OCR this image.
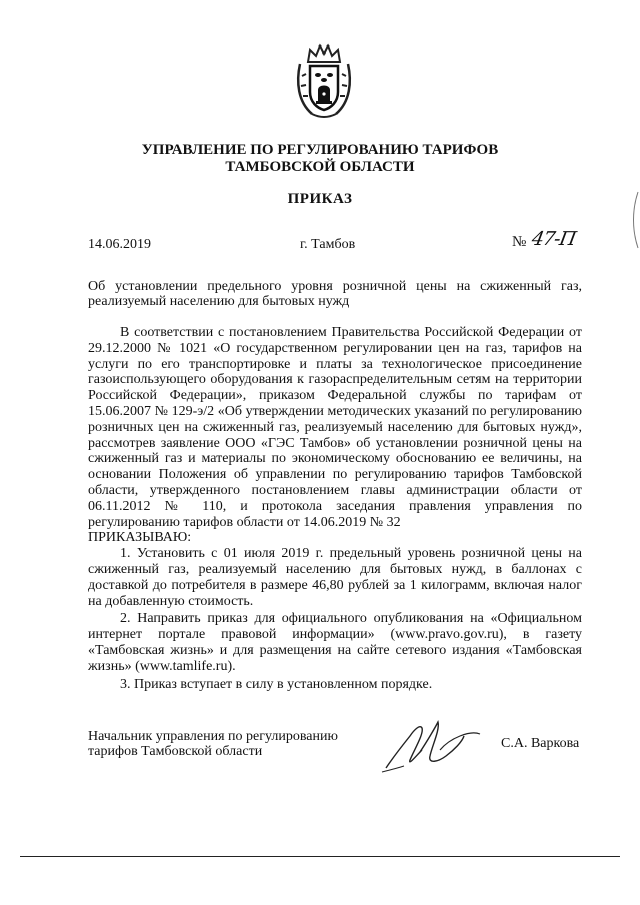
УПРАВЛЕНИЕ ПО РЕГУЛИРОВАНИЮ ТАРИФОВ
ТАМБОВСКОЙ ОБЛАСТИ
ПРИКАЗ
14.06.2019	г. Тамбов	№ 47-П
Об установлении предельного уровня розничной цены на сжиженный газ, реализуемый населению для бытовых нужд

В соответствии с постановлением Правительства Российской Федерации от 29.12.2000 № 1021 «О государственном регулировании цен на газ, тарифов на услуги по его транспортировке и платы за технологическое присоединение газоиспользующего оборудования к газораспределительным сетям на территории Российской Федерации», приказом Федеральной службы по тарифам от 15.06.2007 № 129-э/2 «Об утверждении методических указаний по регулированию розничных цен на сжиженный газ, реализуемый населению для бытовых нужд», рассмотрев заявление ООО «ГЭС Тамбов» об установлении розничной цены на сжиженный газ и материалы по экономическому обоснованию ее величины, на основании Положения об управлении по регулированию тарифов Тамбовской области, утвержденного постановлением главы администрации области от 06.11.2012 № 110, и протокола заседания правления управления по регулированию тарифов области от 14.06.2019 № 32

ПРИКАЗЫВАЮ:

1. Установить с 01 июля 2019 г. предельный уровень розничной цены на сжиженный газ, реализуемый населению для бытовых нужд, в баллонах с доставкой до потребителя в размере 46,80 рублей за 1 килограмм, включая налог на добавленную стоимость.

2. Направить приказ для официального опубликования на «Официальном интернет портале правовой информации» (www.pravo.gov.ru), в газету «Тамбовская жизнь» и для размещения на сайте сетевого издания «Тамбовская жизнь» (www.tamlife.ru).

3. Приказ вступает в силу в установленном порядке.

Начальник управления по регулированию
тарифов Тамбовской области
С.А. Варкова
